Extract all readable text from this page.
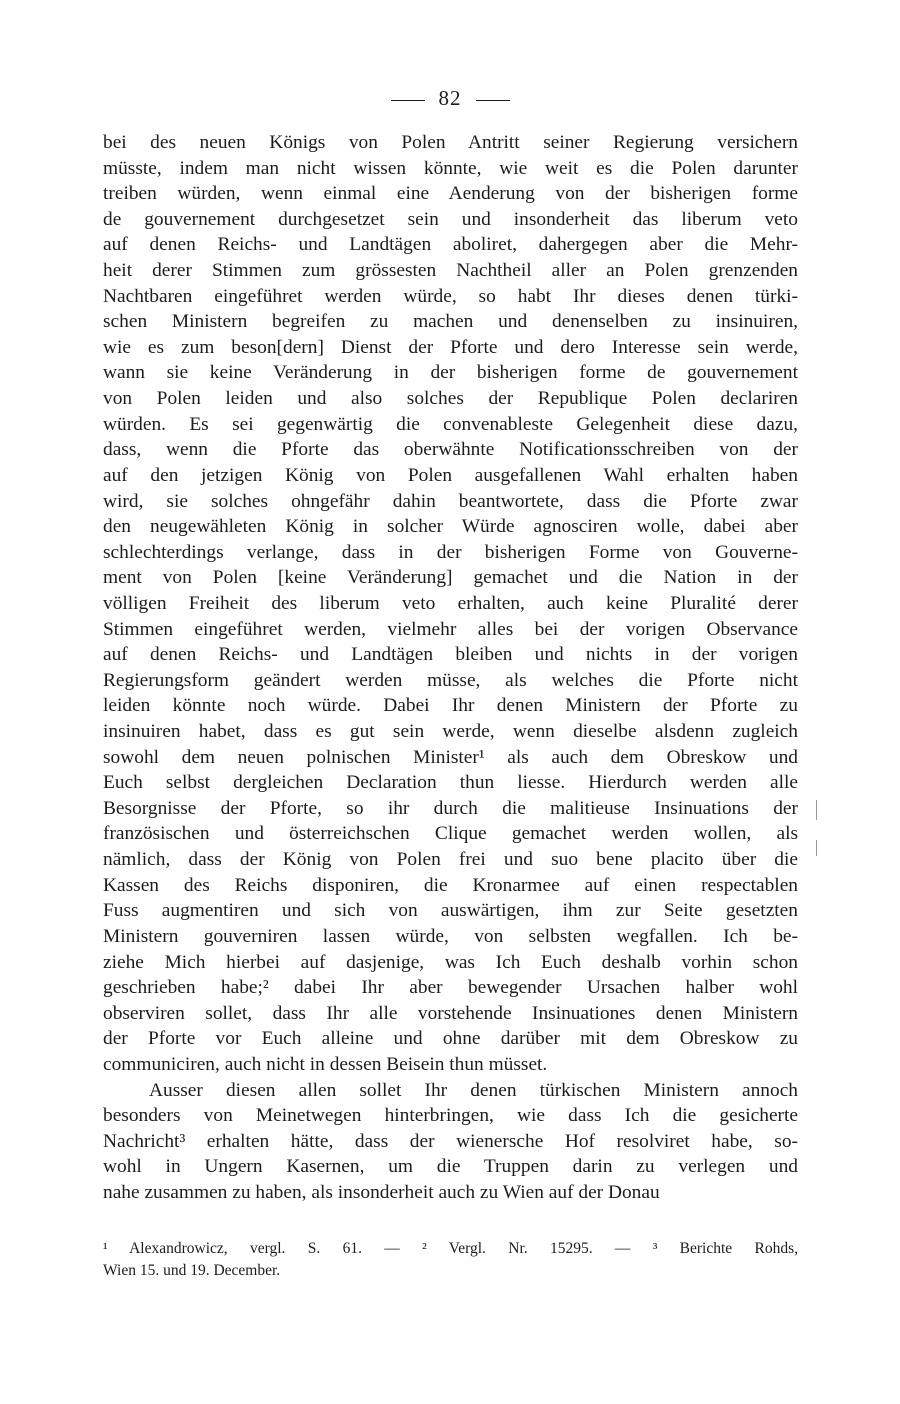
82
bei des neuen Königs von Polen Antritt seiner Regierung versichern
müsste, indem man nicht wissen könnte, wie weit es die Polen darunter
treiben würden, wenn einmal eine Aenderung von der bisherigen forme
de gouvernement durchgesetzet sein und insonderheit das liberum veto
auf denen Reichs- und Landtägen aboliret, dahergegen aber die Mehr-
heit derer Stimmen zum grössesten Nachtheil aller an Polen grenzenden
Nachtbaren eingeführet werden würde, so habt Ihr dieses denen türki-
schen Ministern begreifen zu machen und denenselben zu insinuiren,
wie es zum beson[dern] Dienst der Pforte und dero Interesse sein werde,
wann sie keine Veränderung in der bisherigen forme de gouvernement
von Polen leiden und also solches der Republique Polen declariren
würden. Es sei gegenwärtig die convenableste Gelegenheit diese dazu,
dass, wenn die Pforte das oberwähnte Notificationsschreiben von der
auf den jetzigen König von Polen ausgefallenen Wahl erhalten haben
wird, sie solches ohngefähr dahin beantwortete, dass die Pforte zwar
den neugewähleten König in solcher Würde agnosciren wolle, dabei aber
schlechterdings verlange, dass in der bisherigen Forme von Gouverne-
ment von Polen [keine Veränderung] gemachet und die Nation in der
völligen Freiheit des liberum veto erhalten, auch keine Pluralité derer
Stimmen eingeführet werden, vielmehr alles bei der vorigen Observance
auf denen Reichs- und Landtägen bleiben und nichts in der vorigen
Regierungsform geändert werden müsse, als welches die Pforte nicht
leiden könnte noch würde. Dabei Ihr denen Ministern der Pforte zu
insinuiren habet, dass es gut sein werde, wenn dieselbe alsdenn zugleich
sowohl dem neuen polnischen Minister¹ als auch dem Obreskow und
Euch selbst dergleichen Declaration thun liesse. Hierdurch werden alle
Besorgnisse der Pforte, so ihr durch die malitieuse Insinuations der
französischen und österreichschen Clique gemachet werden wollen, als
nämlich, dass der König von Polen frei und suo bene placito über die
Kassen des Reichs disponiren, die Kronarmee auf einen respectablen
Fuss augmentiren und sich von auswärtigen, ihm zur Seite gesetzten
Ministern gouverniren lassen würde, von selbsten wegfallen. Ich be-
ziehe Mich hierbei auf dasjenige, was Ich Euch deshalb vorhin schon
geschrieben habe;² dabei Ihr aber bewegender Ursachen halber wohl
observiren sollet, dass Ihr alle vorstehende Insinuationes denen Ministern
der Pforte vor Euch alleine und ohne darüber mit dem Obreskow zu
communiciren, auch nicht in dessen Beisein thun müsset.
Ausser diesen allen sollet Ihr denen türkischen Ministern annoch
besonders von Meinetwegen hinterbringen, wie dass Ich die gesicherte
Nachricht³ erhalten hätte, dass der wienersche Hof resolviret habe, so-
wohl in Ungern Kasernen, um die Truppen darin zu verlegen und
nahe zusammen zu haben, als insonderheit auch zu Wien auf der Donau
¹ Alexandrowicz, vergl. S. 61. — ² Vergl. Nr. 15295. — ³ Berichte Rohds,
Wien 15. und 19. December.
